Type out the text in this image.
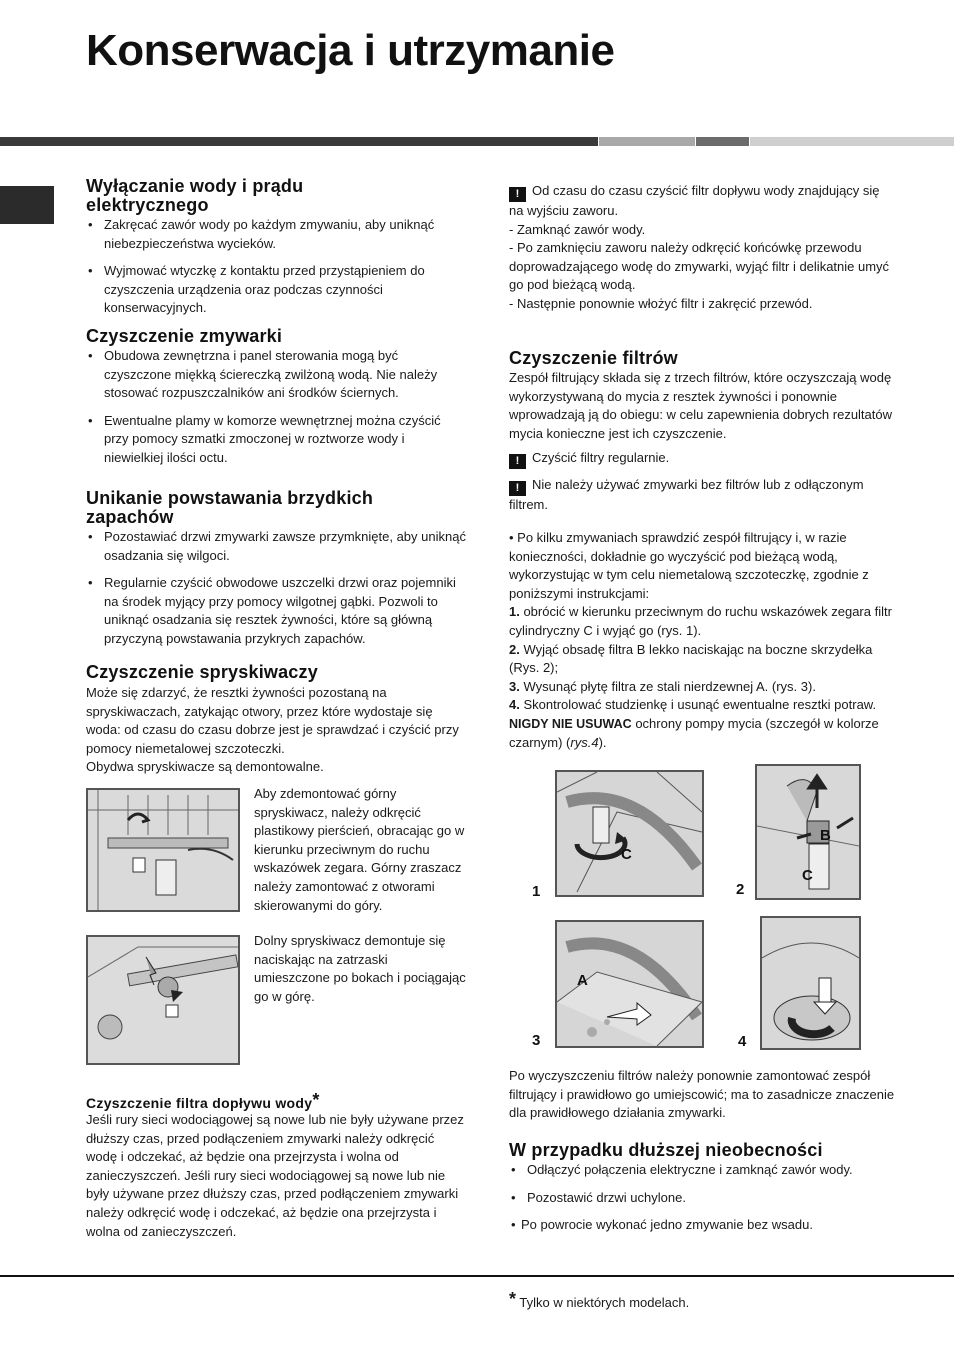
Konserwacja i utrzymanie
Wyłączanie wody i prądu elektrycznego
• Zakręcać zawór wody po każdym zmywaniu, aby uniknąć niebezpieczeństwa wycieków.
• Wyjmować wtyczkę z kontaktu przed przystąpieniem do czyszczenia urządzenia oraz podczas czynności konserwacyjnych.
Czyszczenie zmywarki
• Obudowa zewnętrzna i panel sterowania mogą być czyszczone miękką ściereczką zwilżoną wodą. Nie należy stosować rozpuszczalników ani środków ściernych.
• Ewentualne plamy w komorze wewnętrznej można czyścić przy pomocy szmatki zmoczonej w roztworze wody i niewielkiej ilości octu.
Unikanie powstawania brzydkich zapachów
• Pozostawiać drzwi zmywarki zawsze przymknięte, aby uniknąć osadzania się wilgoci.
• Regularnie czyścić obwodowe uszczelki drzwi oraz pojemniki na środek myjący przy pomocy wilgotnej gąbki. Pozwoli to uniknąć osadzania się resztek żywności, które są główną przyczyną powstawania przykrych zapachów.
Czyszczenie spryskiwaczy
Może się zdarzyć, że resztki żywności pozostaną na spryskiwaczach, zatykając otwory, przez które wydostaje się woda: od czasu do czasu dobrze jest je sprawdzać i czyścić przy pomocy niemetalowej szczoteczki.
Obydwa spryskiwacze są demontowalne.
Aby zdemontować górny spryskiwacz, należy odkręcić plastikowy pierścień, obracając go w kierunku przeciwnym do ruchu wskazówek zegara. Górny zraszacz należy zamontować z otworami skierowanymi do góry.
Dolny spryskiwacz demontuje się naciskając na zatrzaski umieszczone po bokach i pociągając go w górę.
Czyszczenie filtra dopływu wody*
Jeśli rury sieci wodociągowej są nowe lub nie były używane przez dłuższy czas, przed podłączeniem zmywarki należy odkręcić wodę i odczekać, aż będzie ona przejrzysta i wolna od zanieczyszczeń. Jeśli rury sieci wodociągowej są nowe lub nie były używane przez dłuższy czas, przed podłączeniem zmywarki należy odkręcić wodę i odczekać, aż będzie ona przejrzysta i wolna od zanieczyszczeń.
! Od czasu do czasu czyścić filtr dopływu wody znajdujący się na wyjściu zaworu.
- Zamknąć zawór wody.
- Po zamknięciu zaworu należy odkręcić końcówkę przewodu doprowadzającego wodę do zmywarki, wyjąć filtr i delikatnie umyć go pod bieżącą wodą.
- Następnie ponownie włożyć filtr i zakręcić przewód.
Czyszczenie filtrów
Zespół filtrujący składa się z trzech filtrów, które oczyszczają wodę wykorzystywaną do mycia z resztek żywności i ponownie wprowadzają ją do obiegu: w celu zapewnienia dobrych rezultatów mycia konieczne jest ich czyszczenie.
! Czyścić filtry regularnie.
! Nie należy używać zmywarki bez filtrów lub z odłączonym filtrem.
• Po kilku zmywaniach sprawdzić zespół filtrujący i, w razie konieczności, dokładnie go wyczyścić pod bieżącą wodą, wykorzystując w tym celu niemetalową szczoteczkę, zgodnie z poniższymi instrukcjami:
1. obrócić w kierunku przeciwnym do ruchu wskazówek zegara filtr cylindryczny C i wyjąć go (rys. 1).
2. Wyjąć obsadę filtra B lekko naciskając na boczne skrzydełka (Rys. 2);
3. Wysunąć płytę filtra ze stali nierdzewnej A. (rys. 3).
4. Skontrolować studzienkę i usunąć ewentualne resztki potraw.
NIGDY NIE USUWAC ochrony pompy mycia (szczegół w kolorze czarnym) (rys.4).
1	2
3	4
C
B
C
A
Po wyczyszczeniu filtrów należy ponownie zamontować zespół filtrujący i prawidłowo go umiejscowić; ma to zasadnicze znaczenie dla prawidłowego działania zmywarki.
W przypadku dłuższej nieobecności
• Odłączyć połączenia elektryczne i zamknąć zawór wody.
• Pozostawić drzwi uchylone.
• Po powrocie wykonać jedno zmywanie bez wsadu.
* Tylko w niektórych modelach.
